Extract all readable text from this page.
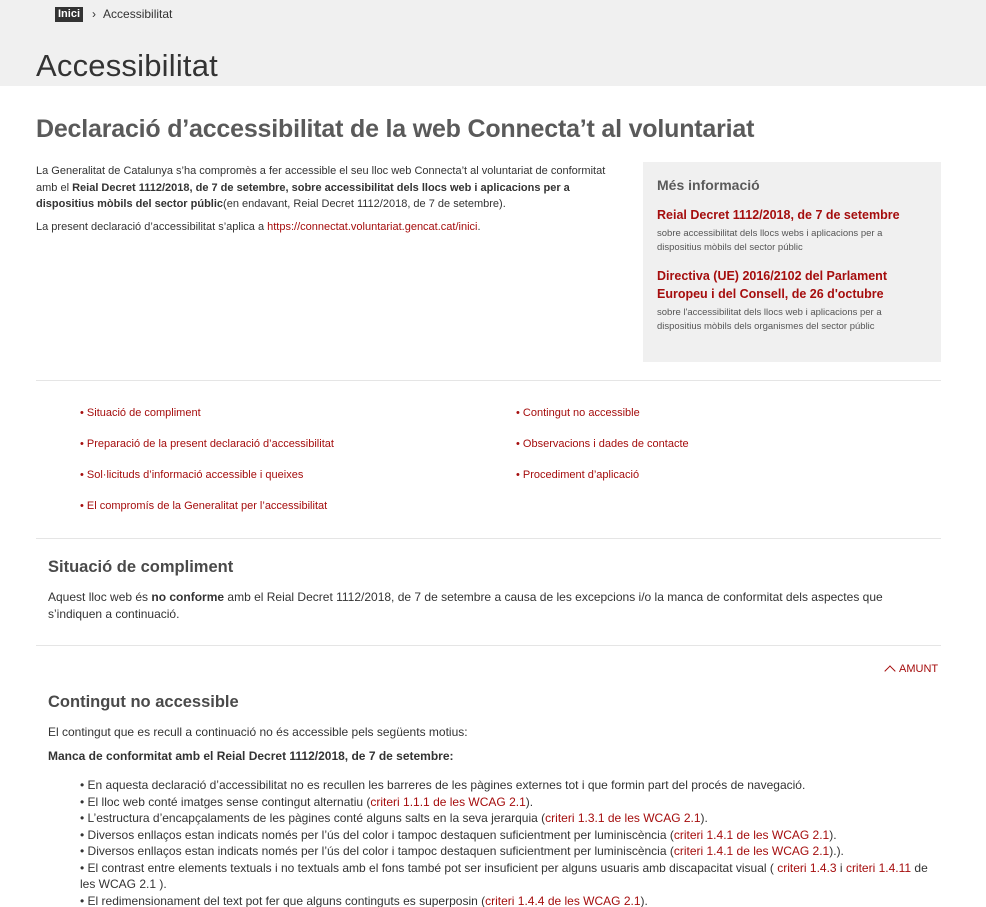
Inici › Accessibilitat
Accessibilitat
Declaració d’accessibilitat de la web Connecta’t al voluntariat

La Generalitat de Catalunya s’ha compromès a fer accessible el seu lloc web Connecta’t al voluntariat de conformitat amb el Reial Decret 1112/2018, de 7 de setembre, sobre accessibilitat dels llocs web i aplicacions per a dispositius mòbils del sector públic(en endavant, Reial Decret 1112/2018, de 7 de setembre).

La present declaració d’accessibilitat s’aplica a https://connectat.voluntariat.gencat.cat/inici.

Més informació
Reial Decret 1112/2018, de 7 de setembre
sobre accessibilitat dels llocs webs i aplicacions per a dispositius mòbils del sector públic
Directiva (UE) 2016/2102 del Parlament Europeu i del Consell, de 26 d'octubre
sobre l'accessibilitat dels llocs web i aplicacions per a dispositius mòbils dels organismes del sector públic
• Situació de compliment
• Preparació de la present declaració d’accessibilitat
• Sol·licituds d’informació accessible i queixes
• El compromís de la Generalitat per l’accessibilitat
• Contingut no accessible
• Observacions i dades de contacte
• Procediment d’aplicació
Situació de compliment

Aquest lloc web és no conforme amb el Reial Decret 1112/2018, de 7 de setembre a causa de les excepcions i/o la manca de conformitat dels aspectes que s’indiquen a continuació.

AMUNT
Contingut no accessible

El contingut que es recull a continuació no és accessible pels següents motius:

Manca de conformitat amb el Reial Decret 1112/2018, de 7 de setembre:

• En aquesta declaració d’accessibilitat no es recullen les barreres de les pàgines externes tot i que formin part del procés de navegació.
• El lloc web conté imatges sense contingut alternatiu (criteri 1.1.1 de les WCAG 2.1).
• L’estructura d’encapçalaments de les pàgines conté alguns salts en la seva jerarquia (criteri 1.3.1 de les WCAG 2.1).
• Diversos enllaços estan indicats només per l’ús del color i tampoc destaquen suficientment per luminiscència (criteri 1.4.1 de les WCAG 2.1).
• Diversos enllaços estan indicats només per l’ús del color i tampoc destaquen suficientment per luminiscència (criteri 1.4.1 de les WCAG 2.1).).
• El contrast entre elements textuals i no textuals amb el fons també pot ser insuficient per alguns usuaris amb discapacitat visual ( criteri 1.4.3 i criteri 1.4.11 de les WCAG 2.1 ).
• El redimensionament del text pot fer que alguns continguts es superposin (criteri 1.4.4 de les WCAG 2.1).
